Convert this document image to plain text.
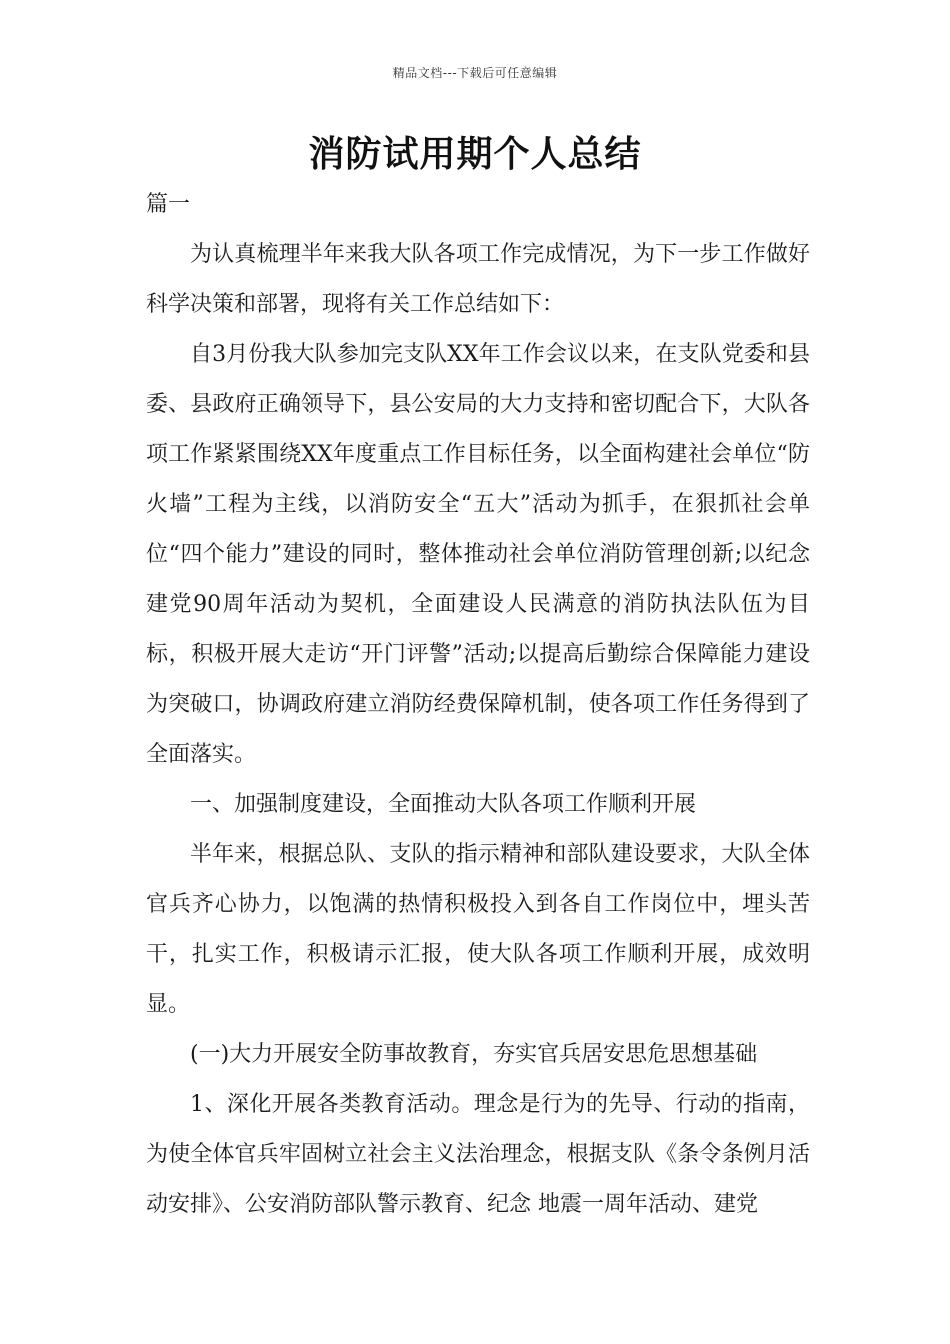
精品文档---下载后可任意编辑
消防试用期个人总结

篇一

为认真梳理半年来我大队各项工作完成情况，为下一步工作做好科学决策和部署，现将有关工作总结如下：

自3月份我大队参加完支队XX年工作会议以来，在支队党委和县委、县政府正确领导下，县公安局的大力支持和密切配合下，大队各项工作紧紧围绕XX年度重点工作目标任务，以全面构建社会单位“防火墙”工程为主线，以消防安全“五大”活动为抓手，在狠抓社会单位“四个能力”建设的同时，整体推动社会单位消防管理创新;以纪念建党90周年活动为契机，全面建设人民满意的消防执法队伍为目标，积极开展大走访“开门评警”活动;以提高后勤综合保障能力建设为突破口，协调政府建立消防经费保障机制，使各项工作任务得到了全面落实。

一、加强制度建设，全面推动大队各项工作顺利开展

半年来，根据总队、支队的指示精神和部队建设要求，大队全体官兵齐心协力，以饱满的热情积极投入到各自工作岗位中，埋头苦干，扎实工作，积极请示汇报，使大队各项工作顺利开展，成效明显。

(一)大力开展安全防事故教育，夯实官兵居安思危思想基础

1、深化开展各类教育活动。理念是行为的先导、行动的指南，为使全体官兵牢固树立社会主义法治理念，根据支队《条令条例月活动安排》、公安消防部队警示教育、纪念 地震一周年活动、建党
